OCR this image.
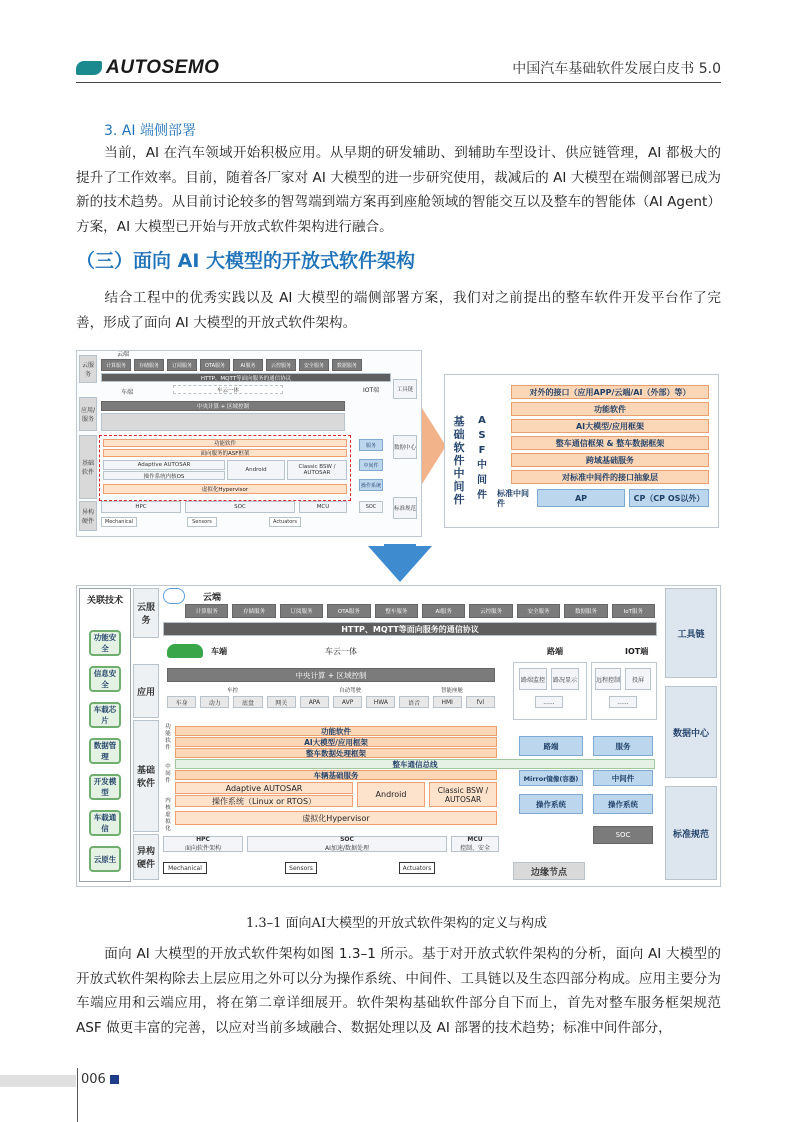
AUTOSEMO	中国汽车基础软件发展白皮书 5.0
3. AI 端侧部署
当前，AI 在汽车领域开始积极应用。从早期的研发辅助、到辅助车型设计、供应链管理，AI 都极大的提升了工作效率。目前，随着各厂家对 AI 大模型的进一步研究使用，裁减后的 AI 大模型在端侧部署已成为新的技术趋势。从目前讨论较多的智驾端到端方案再到座舱领域的智能交互以及整车的智能体（AI Agent）方案，AI 大模型已开始与开放式软件架构进行融合。
（三）面向 AI 大模型的开放式软件架构
结合工程中的优秀实践以及 AI 大模型的端侧部署方案，我们对之前提出的整车软件开发平台作了完善，形成了面向 AI 大模型的开放式软件架构。
云服务
应用/服务
基础软件
异构硬件
云端
计算服务	存储服务	订阅服务	OTA服务	AI服务	云控服务	安全服务	数据服务
HTTP、MQTT等面向服务的通信协议
车端	车云一体	IOT端
中央计算 + 区域控制
功能软件
面向服务的ASF框架
Adaptive AUTOSAR
操作系统内核OS
Android	Classic BSW / AUTOSAR
虚拟化Hypervisor
HPC	SOC	MCU
Mechanical	Sensors	Actuators
服务
中间件
操作系统
SOC
工具链
数据中心
标准规范
基础软件中间件
A
S
F
中
间
件
对外的接口（应用APP/云端/AI（外部）等）
功能软件
AI大模型/应用框架
整车通信框架 & 整车数据框架
跨域基础服务
对标准中间件的接口抽象层
标准中间件
AP	CP（CP OS以外）
关联技术
功能安全
信息安全
车载芯片
数据管理
开发模型
车载通信
云原生
云服务
应用
基础软件
异构硬件
云端
计算服务	存储服务	订阅服务	OTA服务	整车服务	AI服务	云控服务	安全服务	数据服务	IoT服务
HTTP、MQTT等面向服务的通信协议
车端	车云一体	路端	IOT端
中央计算 + 区域控制
车控	自动驾驶	智能座舱
车身	动力	底盘	网关	APA	AVP	HWA	语音	HMI	fvl
路端监控	路况显示
......
远程控制	投屏
......
功能软件
中间件
内核虚拟化
功能软件
AI大模型/应用框架
整车数据处理框架
整车通信总线
车辆基础服务
Adaptive AUTOSAR
操作系统（Linux or RTOS）
Android	Classic BSW / AUTOSAR
虚拟化Hypervisor
路端
Mirror镜像(容器)
操作系统
服务
中间件
操作系统
HPC
面向软件架构
SOC
AI加速/数据处理
MCU
控制、安全
Mechanical	Sensors	Actuators	边缘节点
SOC
工具链
数据中心
标准规范
1.3–1 面向AI大模型的开放式软件架构的定义与构成
面向 AI 大模型的开放式软件架构如图 1.3–1 所示。基于对开放式软件架构的分析，面向 AI 大模型的开放式软件架构除去上层应用之外可以分为操作系统、中间件、工具链以及生态四部分构成。应用主要分为车端应用和云端应用，将在第二章详细展开。软件架构基础软件部分自下而上，首先对整车服务框架规范 ASF 做更丰富的完善，以应对当前多域融合、数据处理以及 AI 部署的技术趋势；标准中间件部分，
006
